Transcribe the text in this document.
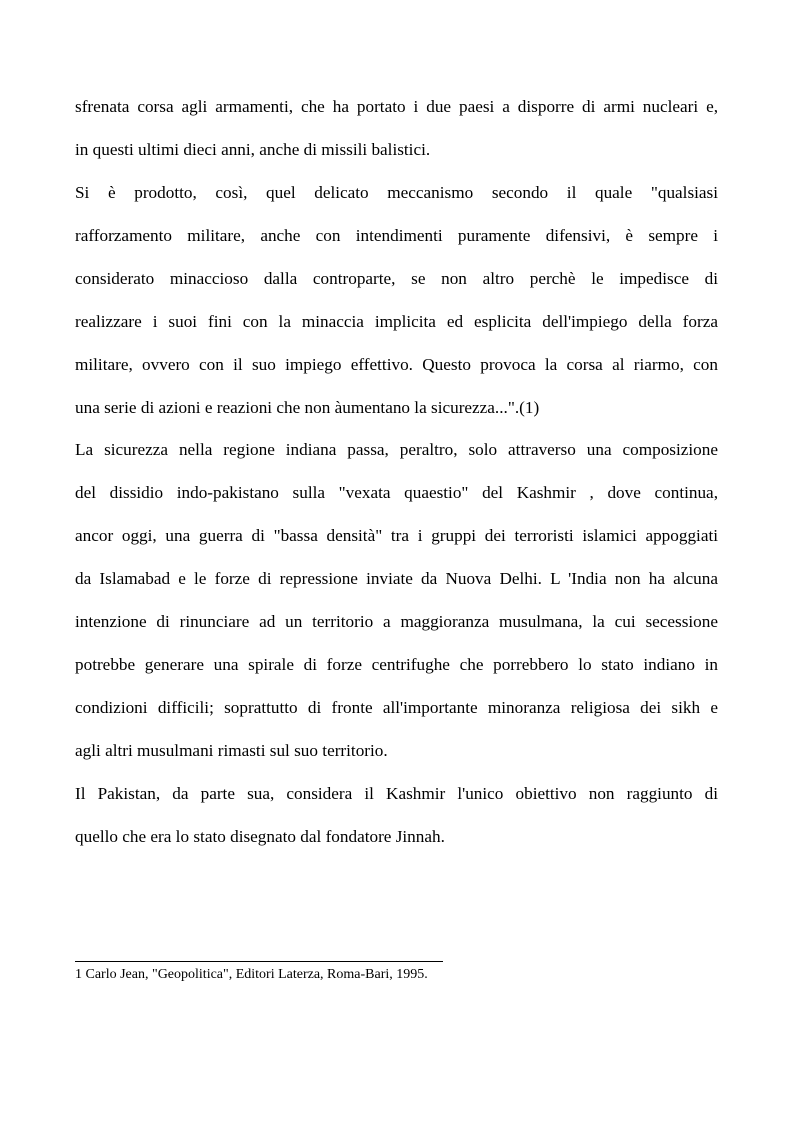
sfrenata corsa agli armamenti, che ha portato i due paesi a disporre di armi nucleari e,
in questi ultimi dieci anni, anche di missili balistici.
Si è prodotto, così, quel delicato meccanismo secondo il quale "qualsiasi
rafforzamento militare, anche con intendimenti puramente difensivi, è sempre i
considerato minaccioso dalla controparte, se non altro perchè le impedisce di
realizzare i suoi fini con la minaccia implicita ed esplicita dell'impiego della forza
militare, ovvero con il suo impiego effettivo. Questo provoca la corsa al riarmo, con
una serie di azioni e reazioni che non àumentano la sicurezza...".(1)
La sicurezza nella regione indiana passa, peraltro, solo attraverso una composizione
del dissidio indo-pakistano sulla "vexata quaestio" del Kashmir , dove continua,
ancor oggi, una guerra di "bassa densità" tra i gruppi dei terroristi islamici appoggiati
da Islamabad e le forze di repressione inviate da Nuova Delhi. L 'India non ha alcuna
intenzione di rinunciare ad un territorio a maggioranza musulmana, la cui secessione
potrebbe generare una spirale di forze centrifughe che porrebbero lo stato indiano in
condizioni difficili; soprattutto di fronte all'importante minoranza religiosa dei sikh e
agli altri musulmani rimasti sul suo territorio.
Il Pakistan, da parte sua, considera il Kashmir l'unico obiettivo non raggiunto di
quello che era lo stato disegnato dal fondatore Jinnah.
1 Carlo Jean, "Geopolitica", Editori Laterza, Roma-Bari, 1995.
